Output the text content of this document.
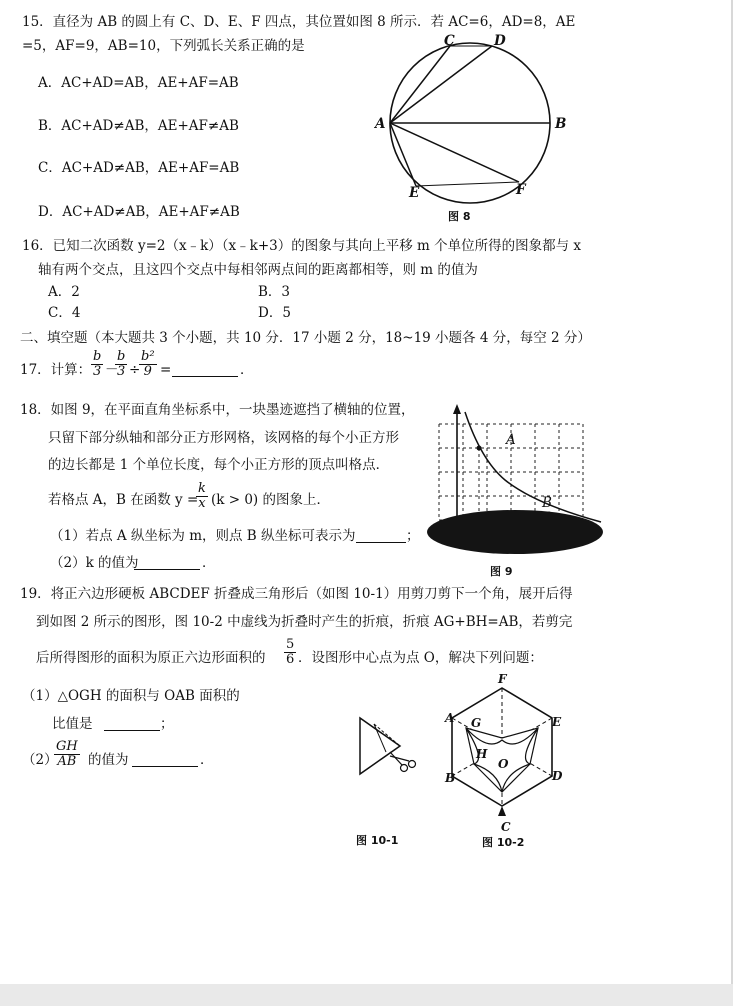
15．直径为 AB 的圆上有 C、D、E、F 四点，其位置如图 8 所示．若 AC=6，AD=8，AE
=5，AF=9，AB=10，下列弧长关系正确的是
A．AC+AD=AB，AE+AF=AB
B．AC+AD≠AB，AE+AF≠AB
C．AC+AD≠AB，AE+AF=AB
D．AC+AD≠AB，AE+AF≠AB
C	D
A	B
E	F
图 8
16．已知二次函数 y=2（x﹣k）（x﹣k+3）的图象与其向上平移 m 个单位所得的图象都与 x
轴有两个交点，且这四个交点中每相邻两点间的距离都相等，则 m 的值为
A．2	B．3
C．4	D．5
二、填空题（本大题共 3 个小题，共 10 分．17 小题 2 分，18~19 小题各 4 分，每空 2 分）
17．计算： $\frac{b}{3}$ －
$\frac{b}{3}$ ÷
$\frac{\text{b²}}{9}$ =	．
18．如图 9，在平面直角坐标系中，一块墨迹遮挡了横轴的位置，
只留下部分纵轴和部分正方形网格，该网格的每个小正方形
的边长都是 1 个单位长度，每个小正方形的顶点叫格点．
若格点 A，B 在函数 y =
$\frac{k}{x} (k > 0)$ 的图象上．
（1）若点 A 纵坐标为 m，则点 B 纵坐标可表示为	；
（2）k 的值为	．
A
B
图 9
19．将正六边形硬板 ABCDEF 折叠成三角形后（如图 10-1）用剪刀剪下一个角，展开后得
到如图 2 所示的图形，图 10-2 中虚线为折叠时产生的折痕，折痕 AG+BH=AB，若剪完
后所得图形的面积为原正六边形面积的 $\frac{5}{6}$ ．设图形中心点为点 O，解决下列问题：
（1）△OGH 的面积与 OAB 面积的
比值是	；
（2）
$\frac{GH}{AB}$ 的值为	．
图 10-1
F
A	E
G
H
O
B	D
C
图 10-2
